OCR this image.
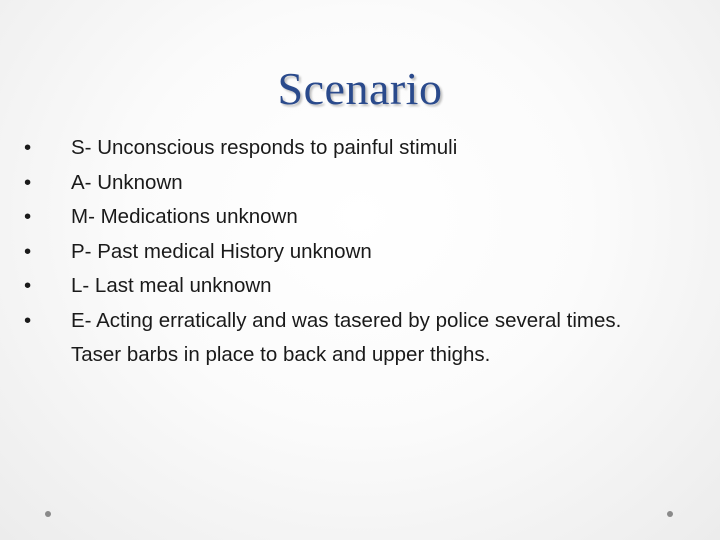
Scenario
• S- Unconscious responds to painful stimuli
• A- Unknown
• M- Medications unknown
• P- Past medical History unknown
• L- Last meal unknown
• E- Acting erratically and was tasered by police several times. Taser barbs in place to back and upper thighs.
